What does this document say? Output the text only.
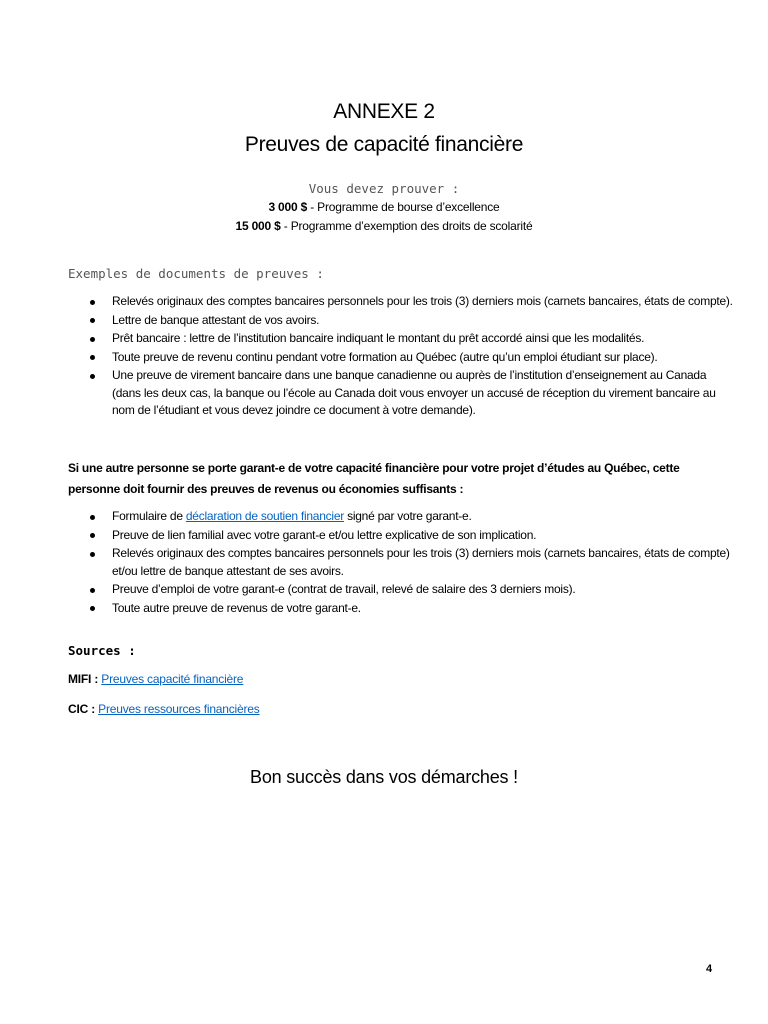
ANNEXE 2
Preuves de capacité financière
Vous devez prouver :
3 000 $ - Programme de bourse d’excellence
15 000 $ - Programme d’exemption des droits de scolarité
Exemples de documents de preuves :
Relevés originaux des comptes bancaires personnels pour les trois (3) derniers mois (carnets bancaires, états de compte).
Lettre de banque attestant de vos avoirs.
Prêt bancaire : lettre de l’institution bancaire indiquant le montant du prêt accordé ainsi que les modalités.
Toute preuve de revenu continu pendant votre formation au Québec (autre qu’un emploi étudiant sur place).
Une preuve de virement bancaire dans une banque canadienne ou auprès de l’institution d’enseignement au Canada (dans les deux cas, la banque ou l’école au Canada doit vous envoyer un accusé de réception du virement bancaire au nom de l’étudiant et vous devez joindre ce document à votre demande).
Si une autre personne se porte garant-e de votre capacité financière pour votre projet d’études au Québec, cette personne doit fournir des preuves de revenus ou économies suffisants :
Formulaire de déclaration de soutien financier signé par votre garant-e.
Preuve de lien familial avec votre garant-e et/ou lettre explicative de son implication.
Relevés originaux des comptes bancaires personnels pour les trois (3) derniers mois (carnets bancaires, états de compte) et/ou lettre de banque attestant de ses avoirs.
Preuve d’emploi de votre garant-e (contrat de travail, relevé de salaire des 3 derniers mois).
Toute autre preuve de revenus de votre garant-e.
Sources :
MIFI : Preuves capacité financière
CIC : Preuves ressources financières
Bon succès dans vos démarches !
4
